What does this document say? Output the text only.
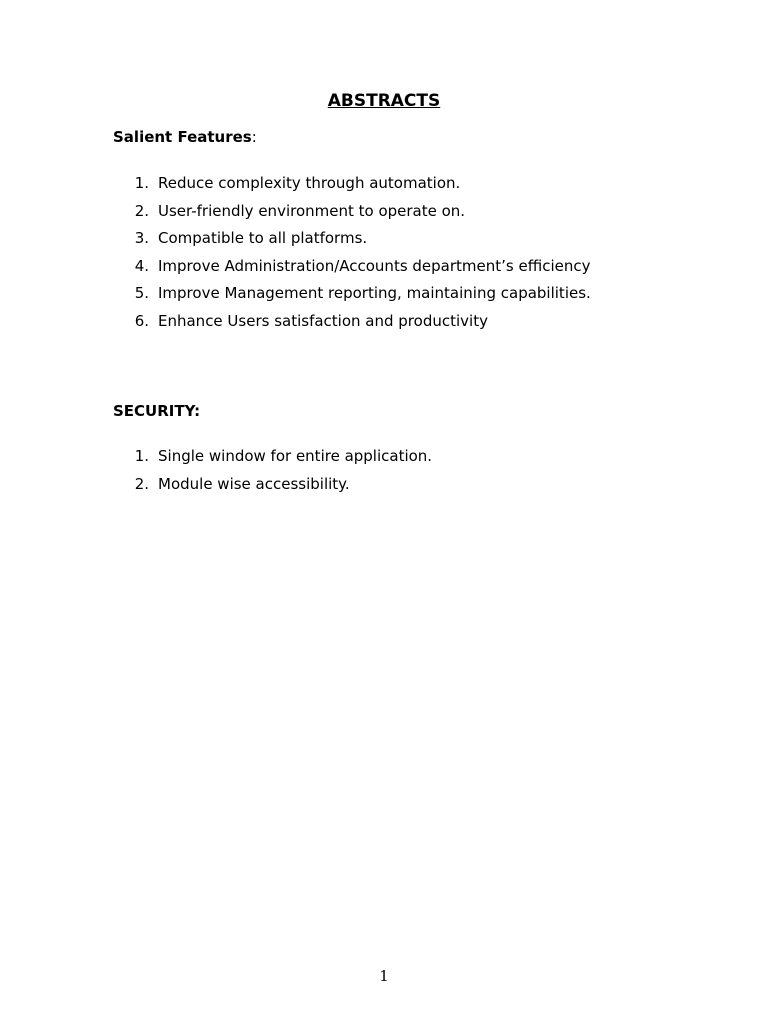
ABSTRACTS
Salient Features:
1. Reduce complexity through automation.
2. User-friendly environment to operate on.
3. Compatible to all platforms.
4. Improve Administration/Accounts department’s efficiency
5. Improve Management reporting, maintaining capabilities.
6. Enhance Users satisfaction and productivity
SECURITY:
1. Single window for entire application.
2. Module wise accessibility.
1
